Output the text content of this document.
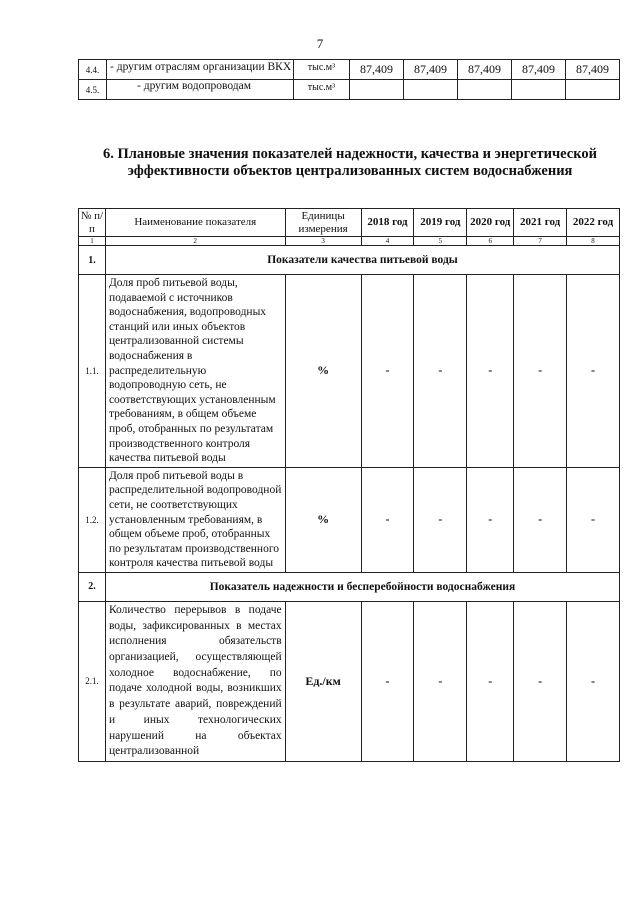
7
4.4.	- другим отраслям организации ВКХ	тыс.м³	87,409	87,409	87,409	87,409	87,409
4.5.	- другим водопроводам	тыс.м³					
6. Плановые значения показателей надежности, качества и энергетической эффективности объектов централизованных систем водоснабжения
№ п/п	Наименование показателя	Единицы измерения	2018 год	2019 год	2020 год	2021 год	2022 год
1	2	3	4	5	6	7	8
1.	Показатели качества питьевой воды						
1.1.	Доля проб питьевой воды, подаваемой с источников водоснабжения, водопроводных станций или иных объектов централизованной системы водоснабжения в распределительную водопроводную сеть, не соответствующих установленным требованиям, в общем объеме проб, отобранных по результатам производственного контроля качества питьевой воды	%	-	-	-	-	-
1.2.	Доля проб питьевой воды в распределительной водопроводной сети, не соответствующих установленным требованиям, в общем объеме проб, отобранных по результатам производственного контроля качества питьевой воды	%	-	-	-	-	-
2.	Показатель надежности и бесперебойности водоснабжения						
2.1.	Количество перерывов в подаче воды, зафиксированных в местах исполнения обязательств организацией, осуществляющей холодное водоснабжение, по подаче холодной воды, возникших в результате аварий, повреждений и иных технологических нарушений на объектах централизованной	Ед./км	-	-	-	-	-
